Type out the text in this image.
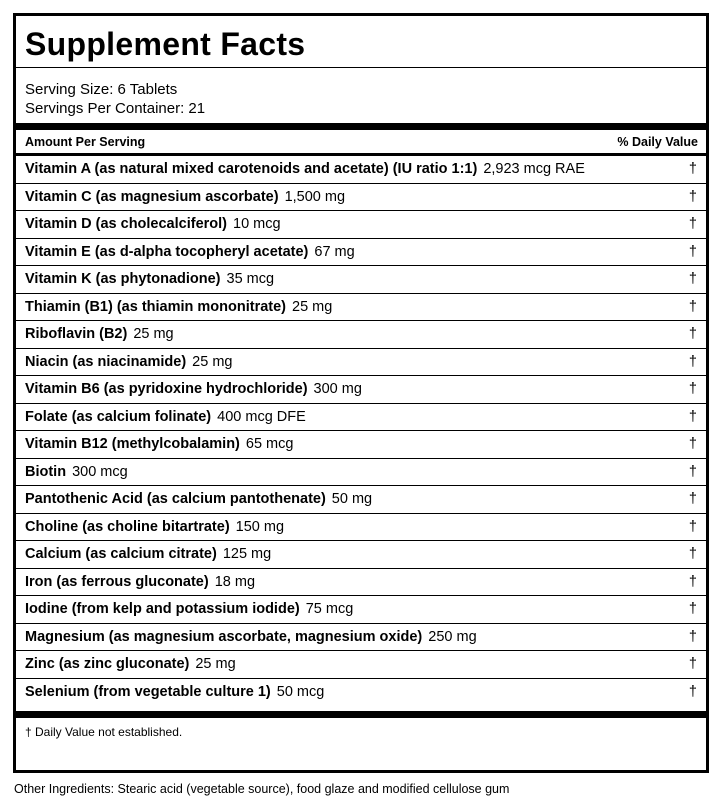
Supplement Facts
Serving Size: 6 Tablets
Servings Per Container: 21
Amount Per Serving	% Daily Value
Vitamin A (as natural mixed carotenoids and acetate) (IU ratio 1:1) 2,923 mcg RAE	†
Vitamin C (as magnesium ascorbate) 1,500 mg	†
Vitamin D (as cholecalciferol) 10 mcg	†
Vitamin E (as d-alpha tocopheryl acetate) 67 mg	†
Vitamin K (as phytonadione) 35 mcg	†
Thiamin (B1) (as thiamin mononitrate) 25 mg	†
Riboflavin (B2) 25 mg	†
Niacin (as niacinamide) 25 mg	†
Vitamin B6 (as pyridoxine hydrochloride) 300 mg	†
Folate (as calcium folinate) 400 mcg DFE	†
Vitamin B12 (methylcobalamin) 65 mcg	†
Biotin 300 mcg	†
Pantothenic Acid (as calcium pantothenate) 50 mg	†
Choline (as choline bitartrate) 150 mg	†
Calcium (as calcium citrate) 125 mg	†
Iron (as ferrous gluconate) 18 mg	†
Iodine (from kelp and potassium iodide) 75 mcg	†
Magnesium (as magnesium ascorbate, magnesium oxide) 250 mg	†
Zinc (as zinc gluconate) 25 mg	†
Selenium (from vegetable culture 1) 50 mcg	†
† Daily Value not established.
Other Ingredients: Stearic acid (vegetable source), food glaze and modified cellulose gum
